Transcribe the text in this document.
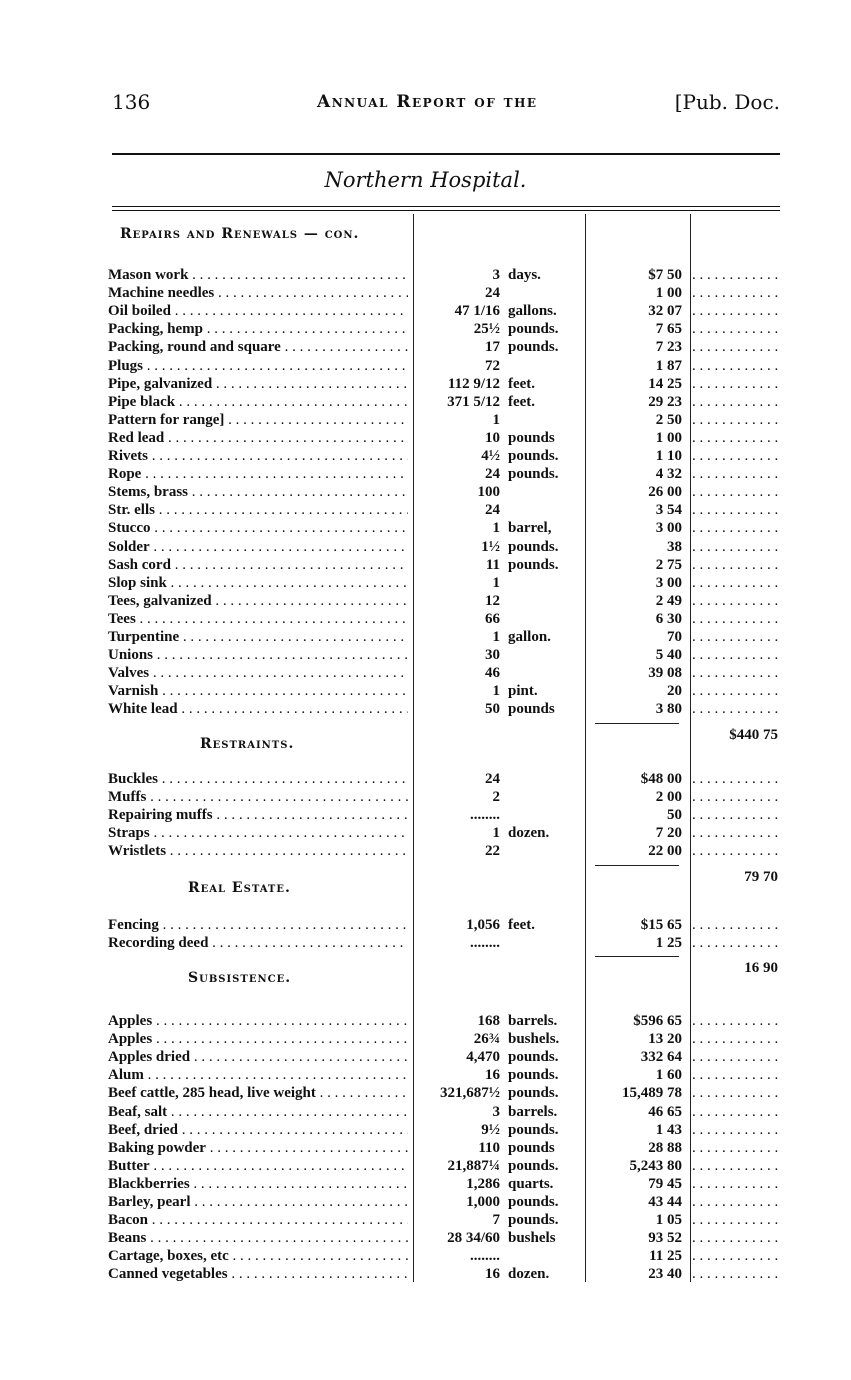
136	Annual Report of the	[Pub. Doc.
Northern Hospital.
Repairs and Renewals — con.
Mason work . . .	3 days.	$7 50
. . .
Machine needles . . .	24	1 00
. . .
Oil boiled . . .	47 1/16 gallons.	32 07
. . .
Packing, hemp . . .	25½ pounds.	7 65
. . .
Packing, round and square . . .	17 pounds.	7 23
. . .
Plugs . . .	72	1 87
. . .
Pipe, galvanized . . .	112 9/12 feet.	14 25
. . .
Pipe black . . .	371 5/12 feet.	29 23
. . .
Pattern for range] . . .	1	2 50
. . .
Red lead . . .	10 pounds	1 00
. . .
Rivets . . .	4½ pounds.	1 10
. . .
Rope . . .	24 pounds.	4 32
. . .
Stems, brass . . .	100	26 00
. . .
Str. ells . . .	24	3 54
. . .
Stucco . . .	1 barrel,	3 00
. . .
Solder . . .	1½ pounds.	38
. . .
Sash cord . . .	11 pounds.	2 75
. . .
Slop sink . . .	1	3 00
. . .
Tees, galvanized . . .	12	2 49
. . .
Tees . . .	66	6 30
. . .
Turpentine . . .	1 gallon.	70
. . .
Unions . . .	30	5 40
. . .
Valves . . .	46	39 08
. . .
Varnish . . .	1 pint.	20
. . .
White lead . . .	50 pounds	3 80
. . .
$440 75
Restraints.
Buckles . . .	24	$48 00
. . .
Muffs . . .	2	2 00
. . .
Repairing muffs . . .	........	50
. . .
Straps . . .	1 dozen.	7 20
. . .
Wristlets . . .	22	22 00
. . .
79 70
Real Estate.
Fencing . . .	1,056 feet.	$15 65
. . .
Recording deed . . .	........	1 25
. . .
16 90
Subsistence.
Apples . . .	168 barrels.	$596 65
. . .
Apples . . .	26¾ bushels.	13 20
. . .
Apples dried . . .	4,470 pounds.	332 64
. . .
Alum . . .	16 pounds.	1 60
. . .
Beef cattle, 285 head, live weight . . .	321,687½ pounds.	15,489 78
. . .
Beaf, salt . . .	3 barrels.	46 65
. . .
Beef, dried . . .	9½ pounds.	1 43
. . .
Baking powder . . .	110 pounds	28 88
. . .
Butter . . .	21,887¼ pounds.	5,243 80
. . .
Blackberries . . .	1,286 quarts.	79 45
. . .
Barley, pearl . . .	1,000 pounds.	43 44
. . .
Bacon . . .	7 pounds.	1 05
. . .
Beans . . .	28 34/60 bushels	93 52
. . .
Cartage, boxes, etc . . .	........	11 25
. . .
Canned vegetables . . .	16 dozen.	23 40
. . .
